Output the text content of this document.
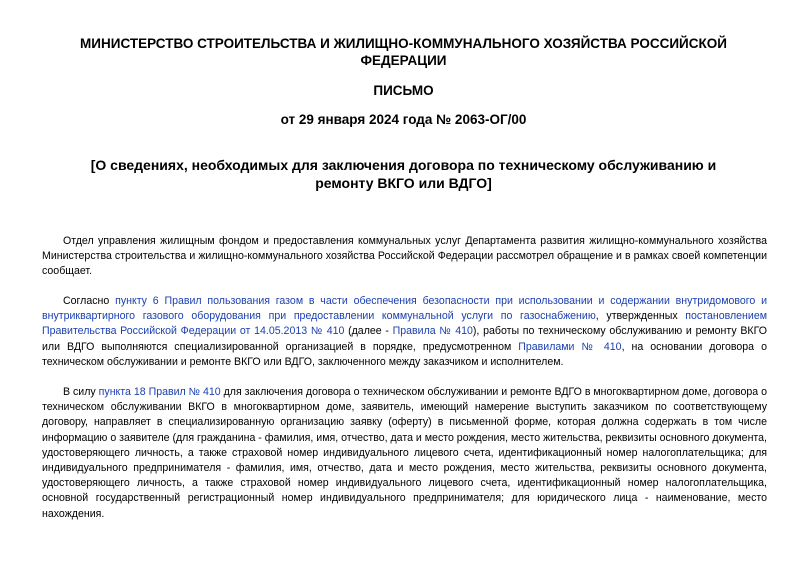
МИНИСТЕРСТВО СТРОИТЕЛЬСТВА И ЖИЛИЩНО-КОММУНАЛЬНОГО ХОЗЯЙСТВА РОССИЙСКОЙ ФЕДЕРАЦИИ
ПИСЬМО
от 29 января 2024 года № 2063-ОГ/00
[О сведениях, необходимых для заключения договора по техническому обслуживанию и ремонту ВКГО или ВДГО]

Отдел управления жилищным фондом и предоставления коммунальных услуг Департамента развития жилищно-коммунального хозяйства Министерства строительства и жилищно-коммунального хозяйства Российской Федерации рассмотрел обращение и в рамках своей компетенции сообщает.

Согласно пункту 6 Правил пользования газом в части обеспечения безопасности при использовании и содержании внутридомового и внутриквартирного газового оборудования при предоставлении коммунальной услуги по газоснабжению, утвержденных постановлением Правительства Российской Федерации от 14.05.2013 № 410 (далее - Правила № 410), работы по техническому обслуживанию и ремонту ВКГО или ВДГО выполняются специализированной организацией в порядке, предусмотренном Правилами № 410, на основании договора о техническом обслуживании и ремонте ВКГО или ВДГО, заключенного между заказчиком и исполнителем.

В силу пункта 18 Правил № 410 для заключения договора о техническом обслуживании и ремонте ВДГО в многоквартирном доме, договора о техническом обслуживании ВКГО в многоквартирном доме, заявитель, имеющий намерение выступить заказчиком по соответствующему договору, направляет в специализированную организацию заявку (оферту) в письменной форме, которая должна содержать в том числе информацию о заявителе (для гражданина - фамилия, имя, отчество, дата и место рождения, место жительства, реквизиты основного документа, удостоверяющего личность, а также страховой номер индивидуального лицевого счета, идентификационный номер налогоплательщика; для индивидуального предпринимателя - фамилия, имя, отчество, дата и место рождения, место жительства, реквизиты основного документа, удостоверяющего личность, а также страховой номер индивидуального лицевого счета, идентификационный номер налогоплательщика, основной государственный регистрационный номер индивидуального предпринимателя; для юридического лица - наименование, место нахождения.
